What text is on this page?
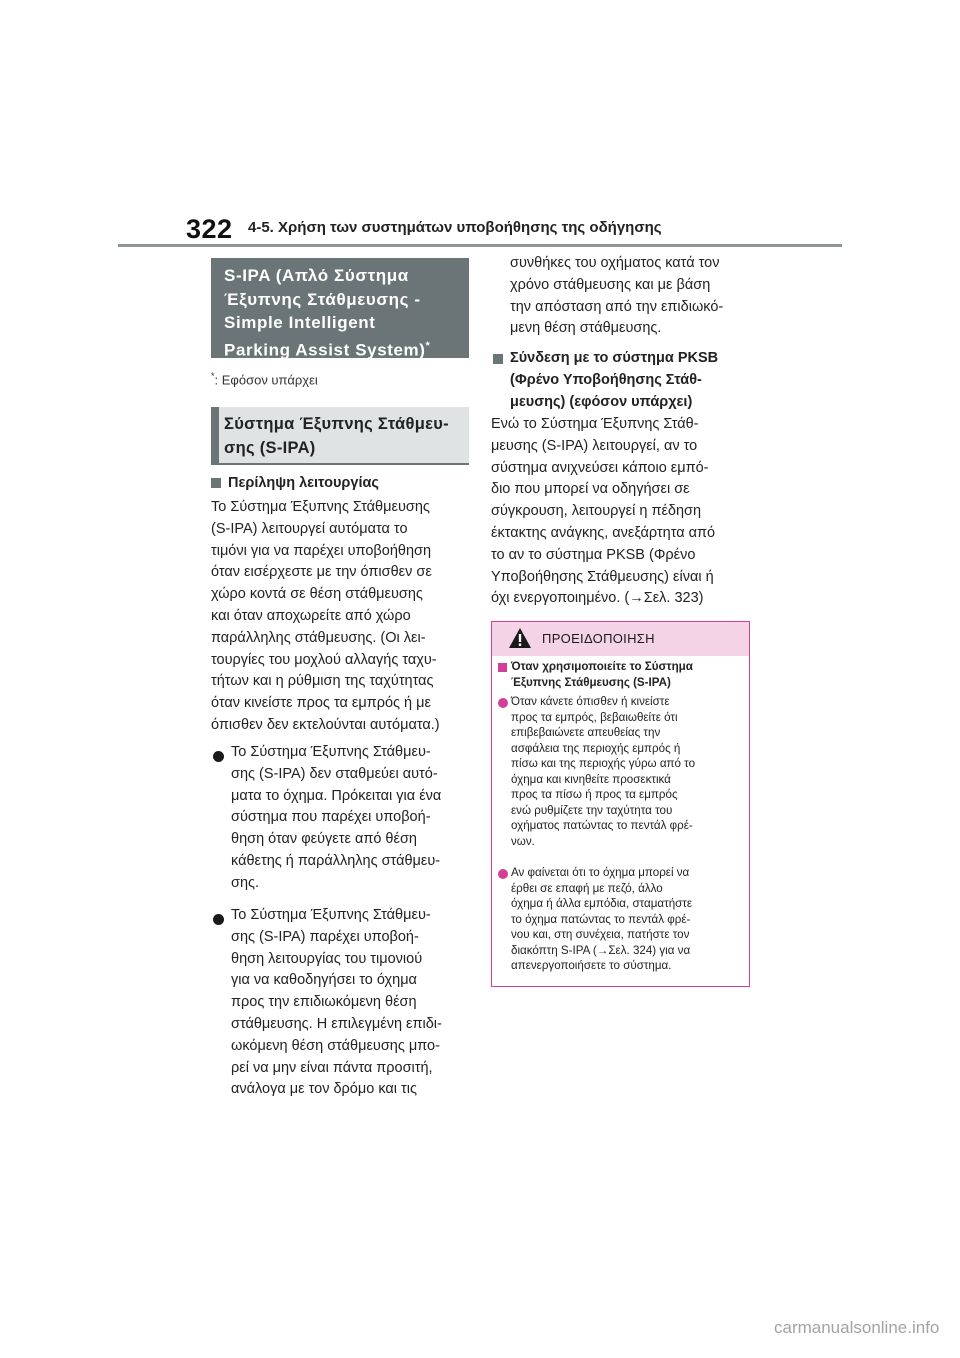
322 4-5. Χρήση των συστημάτων υποβοήθησης της οδήγησης
S-IPA (Απλό Σύστημα
Έξυπνης Στάθμευσης -
Simple Intelligent
Parking Assist System)*
*: Εφόσον υπάρχει
Σύστημα Έξυπνης Στάθμευ-
σης (S-IPA)
Περίληψη λειτουργίας
Το Σύστημα Έξυπνης Στάθμευσης
(S-IPA) λειτουργεί αυτόματα το
τιμόνι για να παρέχει υποβοήθηση
όταν εισέρχεστε με την όπισθεν σε
χώρο κοντά σε θέση στάθμευσης
και όταν αποχωρείτε από χώρο
παράλληλης στάθμευσης. (Οι λει-
τουργίες του μοχλού αλλαγής ταχυ-
τήτων και η ρύθμιση της ταχύτητας
όταν κινείστε προς τα εμπρός ή με
όπισθεν δεν εκτελούνται αυτόματα.)
Το Σύστημα Έξυπνης Στάθμευ-
σης (S-IPA) δεν σταθμεύει αυτό-
ματα το όχημα. Πρόκειται για ένα
σύστημα που παρέχει υποβοή-
θηση όταν φεύγετε από θέση
κάθετης ή παράλληλης στάθμευ-
σης.
Το Σύστημα Έξυπνης Στάθμευ-
σης (S-IPA) παρέχει υποβοή-
θηση λειτουργίας του τιμονιού
για να καθοδηγήσει το όχημα
προς την επιδιωκόμενη θέση
στάθμευσης. Η επιλεγμένη επιδι-
ωκόμενη θέση στάθμευσης μπο-
ρεί να μην είναι πάντα προσιτή,
ανάλογα με τον δρόμο και τις
συνθήκες του οχήματος κατά τον
χρόνο στάθμευσης και με βάση
την απόσταση από την επιδιωκό-
μενη θέση στάθμευσης.
Σύνδεση με το σύστημα PKSB
(Φρένο Υποβοήθησης Στάθ-
μευσης) (εφόσον υπάρχει)
Ενώ το Σύστημα Έξυπνης Στάθ-
μευσης (S-IPA) λειτουργεί, αν το
σύστημα ανιχνεύσει κάποιο εμπό-
διο που μπορεί να οδηγήσει σε
σύγκρουση, λειτουργεί η πέδηση
έκτακτης ανάγκης, ανεξάρτητα από
το αν το σύστημα PKSB (Φρένο
Υποβοήθησης Στάθμευσης) είναι ή
όχι ενεργοποιημένο. (→Σελ. 323)
ΠΡΟΕΙΔΟΠΟΙΗΣΗ
Όταν χρησιμοποιείτε το Σύστημα
Έξυπνης Στάθμευσης (S-IPA)
Όταν κάνετε όπισθεν ή κινείστε
προς τα εμπρός, βεβαιωθείτε ότι
επιβεβαιώνετε απευθείας την
ασφάλεια της περιοχής εμπρός ή
πίσω και της περιοχής γύρω από το
όχημα και κινηθείτε προσεκτικά
προς τα πίσω ή προς τα εμπρός
ενώ ρυθμίζετε την ταχύτητα του
οχήματος πατώντας το πεντάλ φρέ-
νων.
Αν φαίνεται ότι το όχημα μπορεί να
έρθει σε επαφή με πεζό, άλλο
όχημα ή άλλα εμπόδια, σταματήστε
το όχημα πατώντας το πεντάλ φρέ-
νου και, στη συνέχεια, πατήστε τον
διακόπτη S-IPA (→Σελ. 324) για να
απενεργοποιήσετε το σύστημα.
carmanualsonline.info
